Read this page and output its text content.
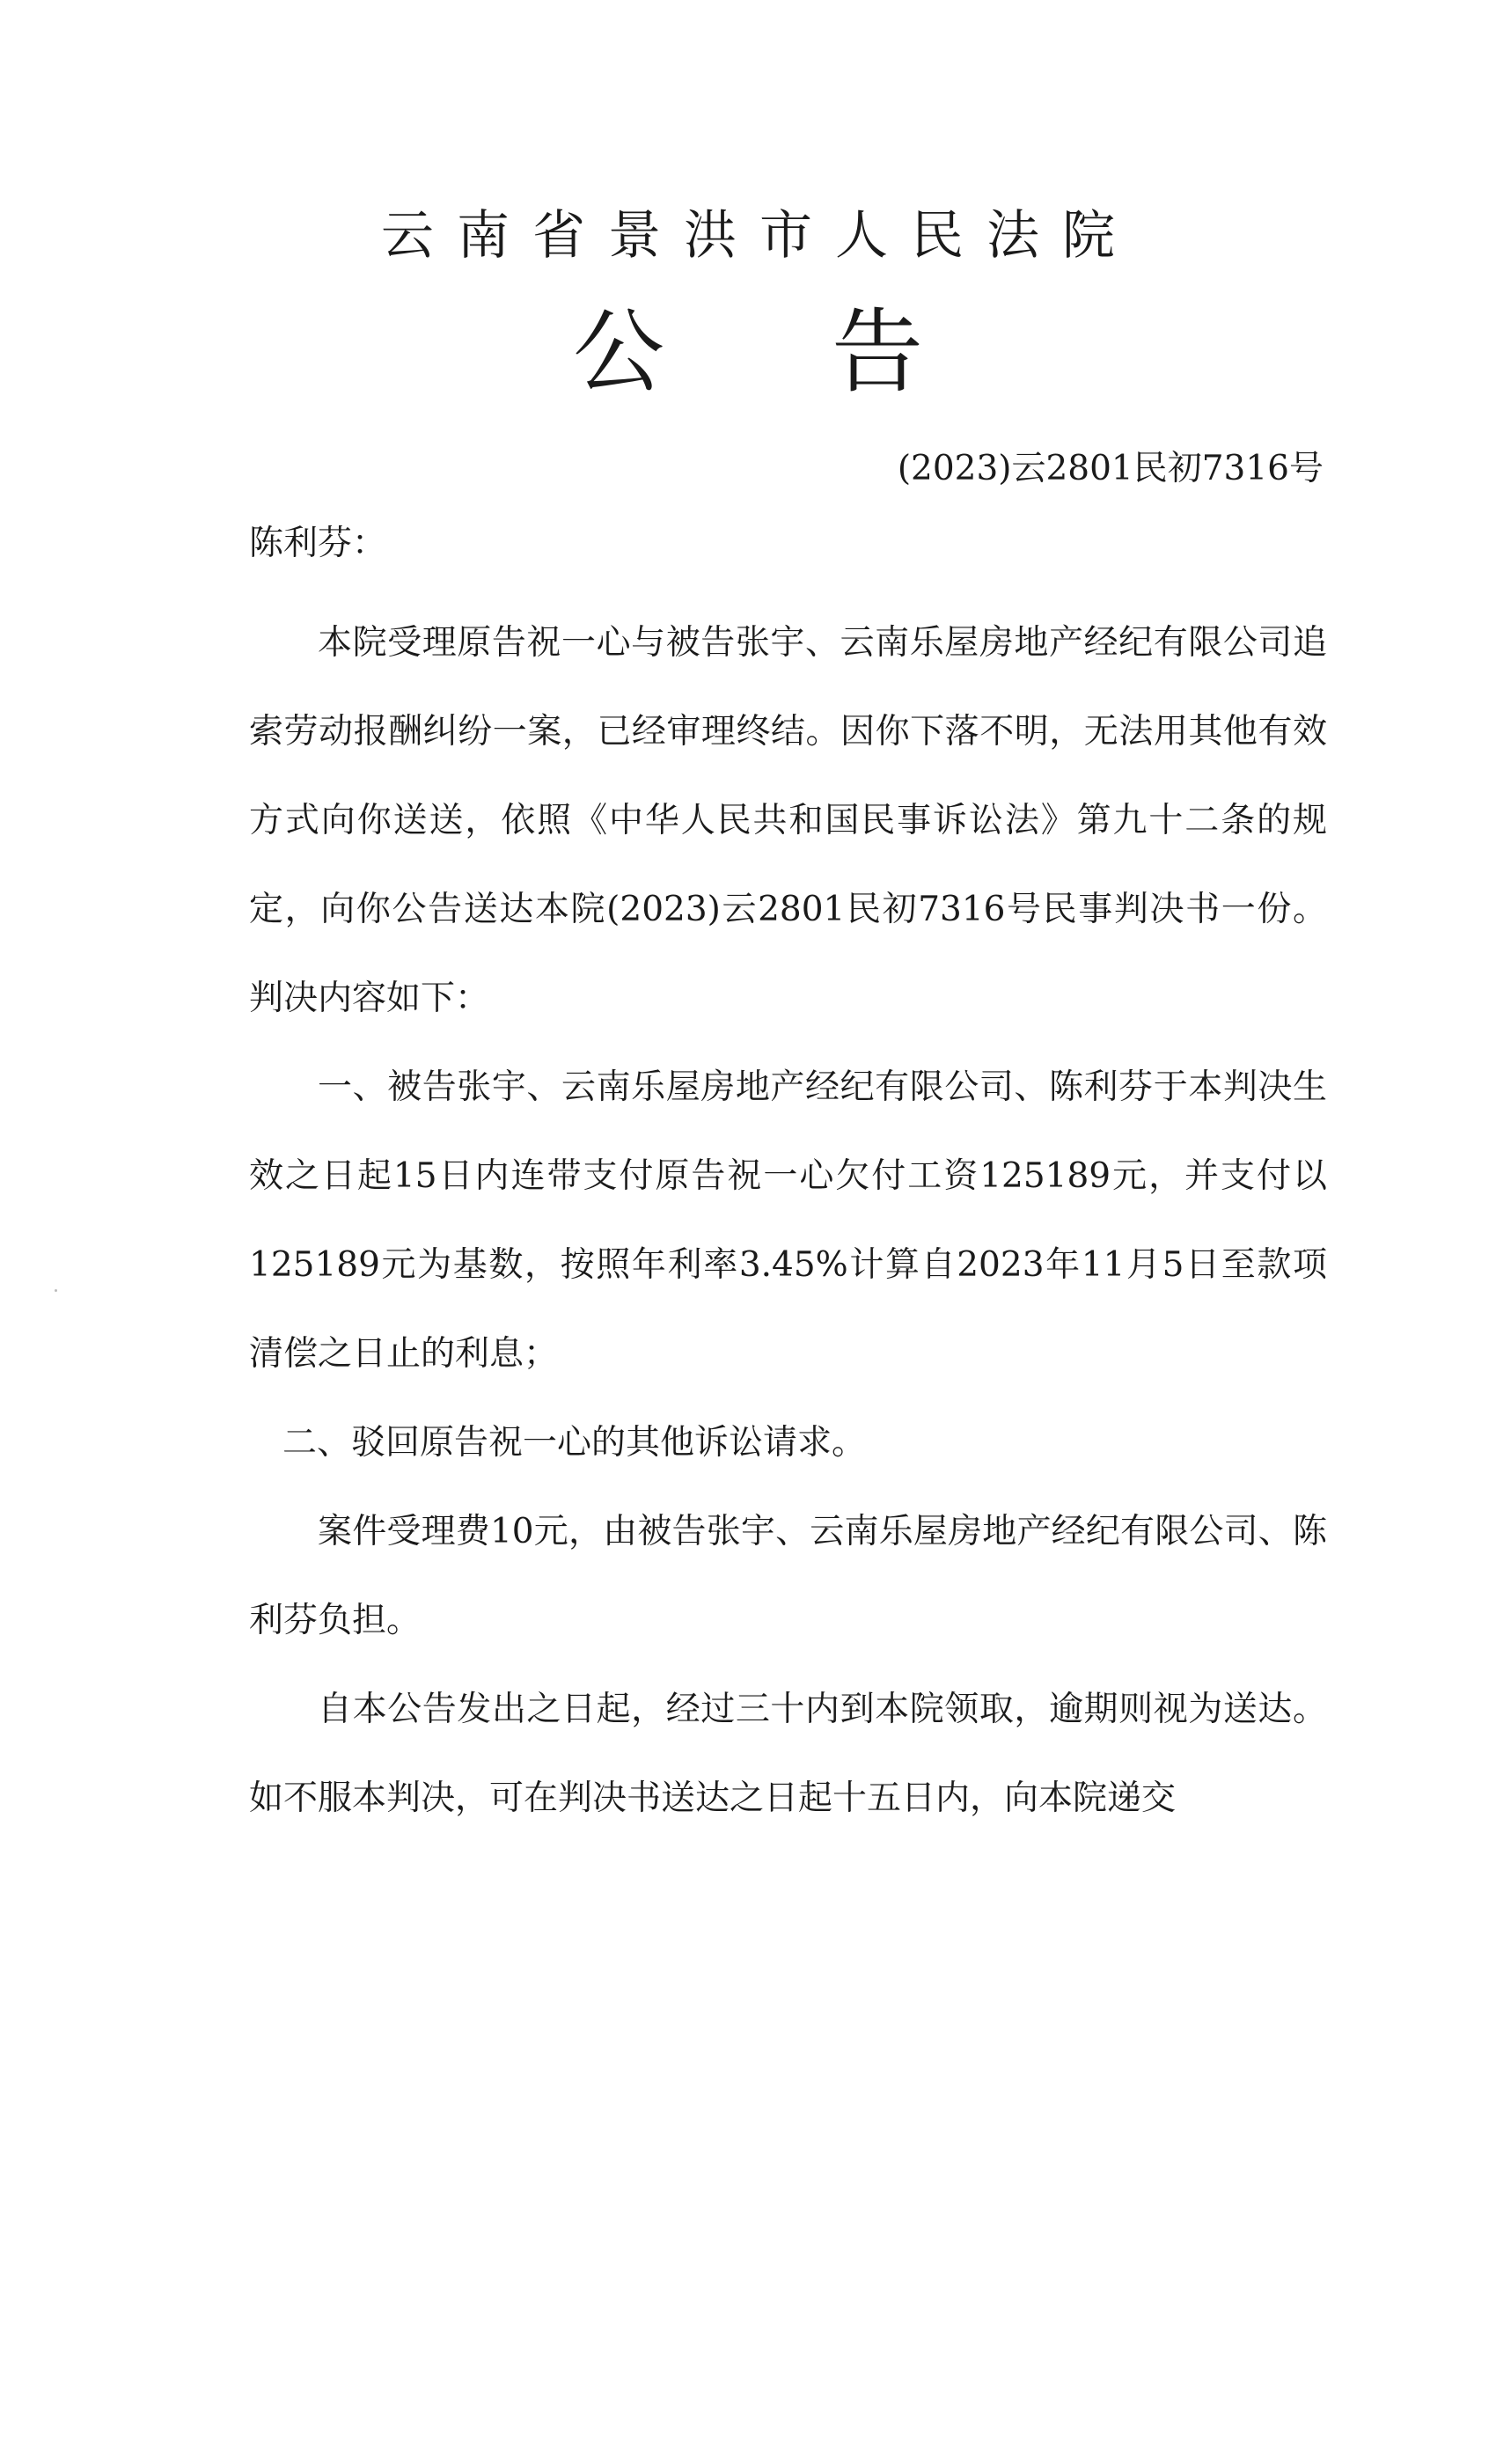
云南省景洪市人民法院
公告
(2023)云2801民初7316号
陈利芬：

本院受理原告祝一心与被告张宇、云南乐屋房地产经纪有限公司追索劳动报酬纠纷一案，已经审理终结。因你下落不明，无法用其他有效方式向你送送，依照《中华人民共和国民事诉讼法》第九十二条的规定，向你公告送达本院(2023)云2801民初7316号民事判决书一份。判决内容如下：

一、被告张宇、云南乐屋房地产经纪有限公司、陈利芬于本判决生效之日起15日内连带支付原告祝一心欠付工资125189元，并支付以125189元为基数，按照年利率3.45%计算自2023年11月5日至款项清偿之日止的利息；

二、驳回原告祝一心的其他诉讼请求。

案件受理费10元，由被告张宇、云南乐屋房地产经纪有限公司、陈利芬负担。

自本公告发出之日起，经过三十内到本院领取，逾期则视为送达。如不服本判决，可在判决书送达之日起十五日内，向本院递交
